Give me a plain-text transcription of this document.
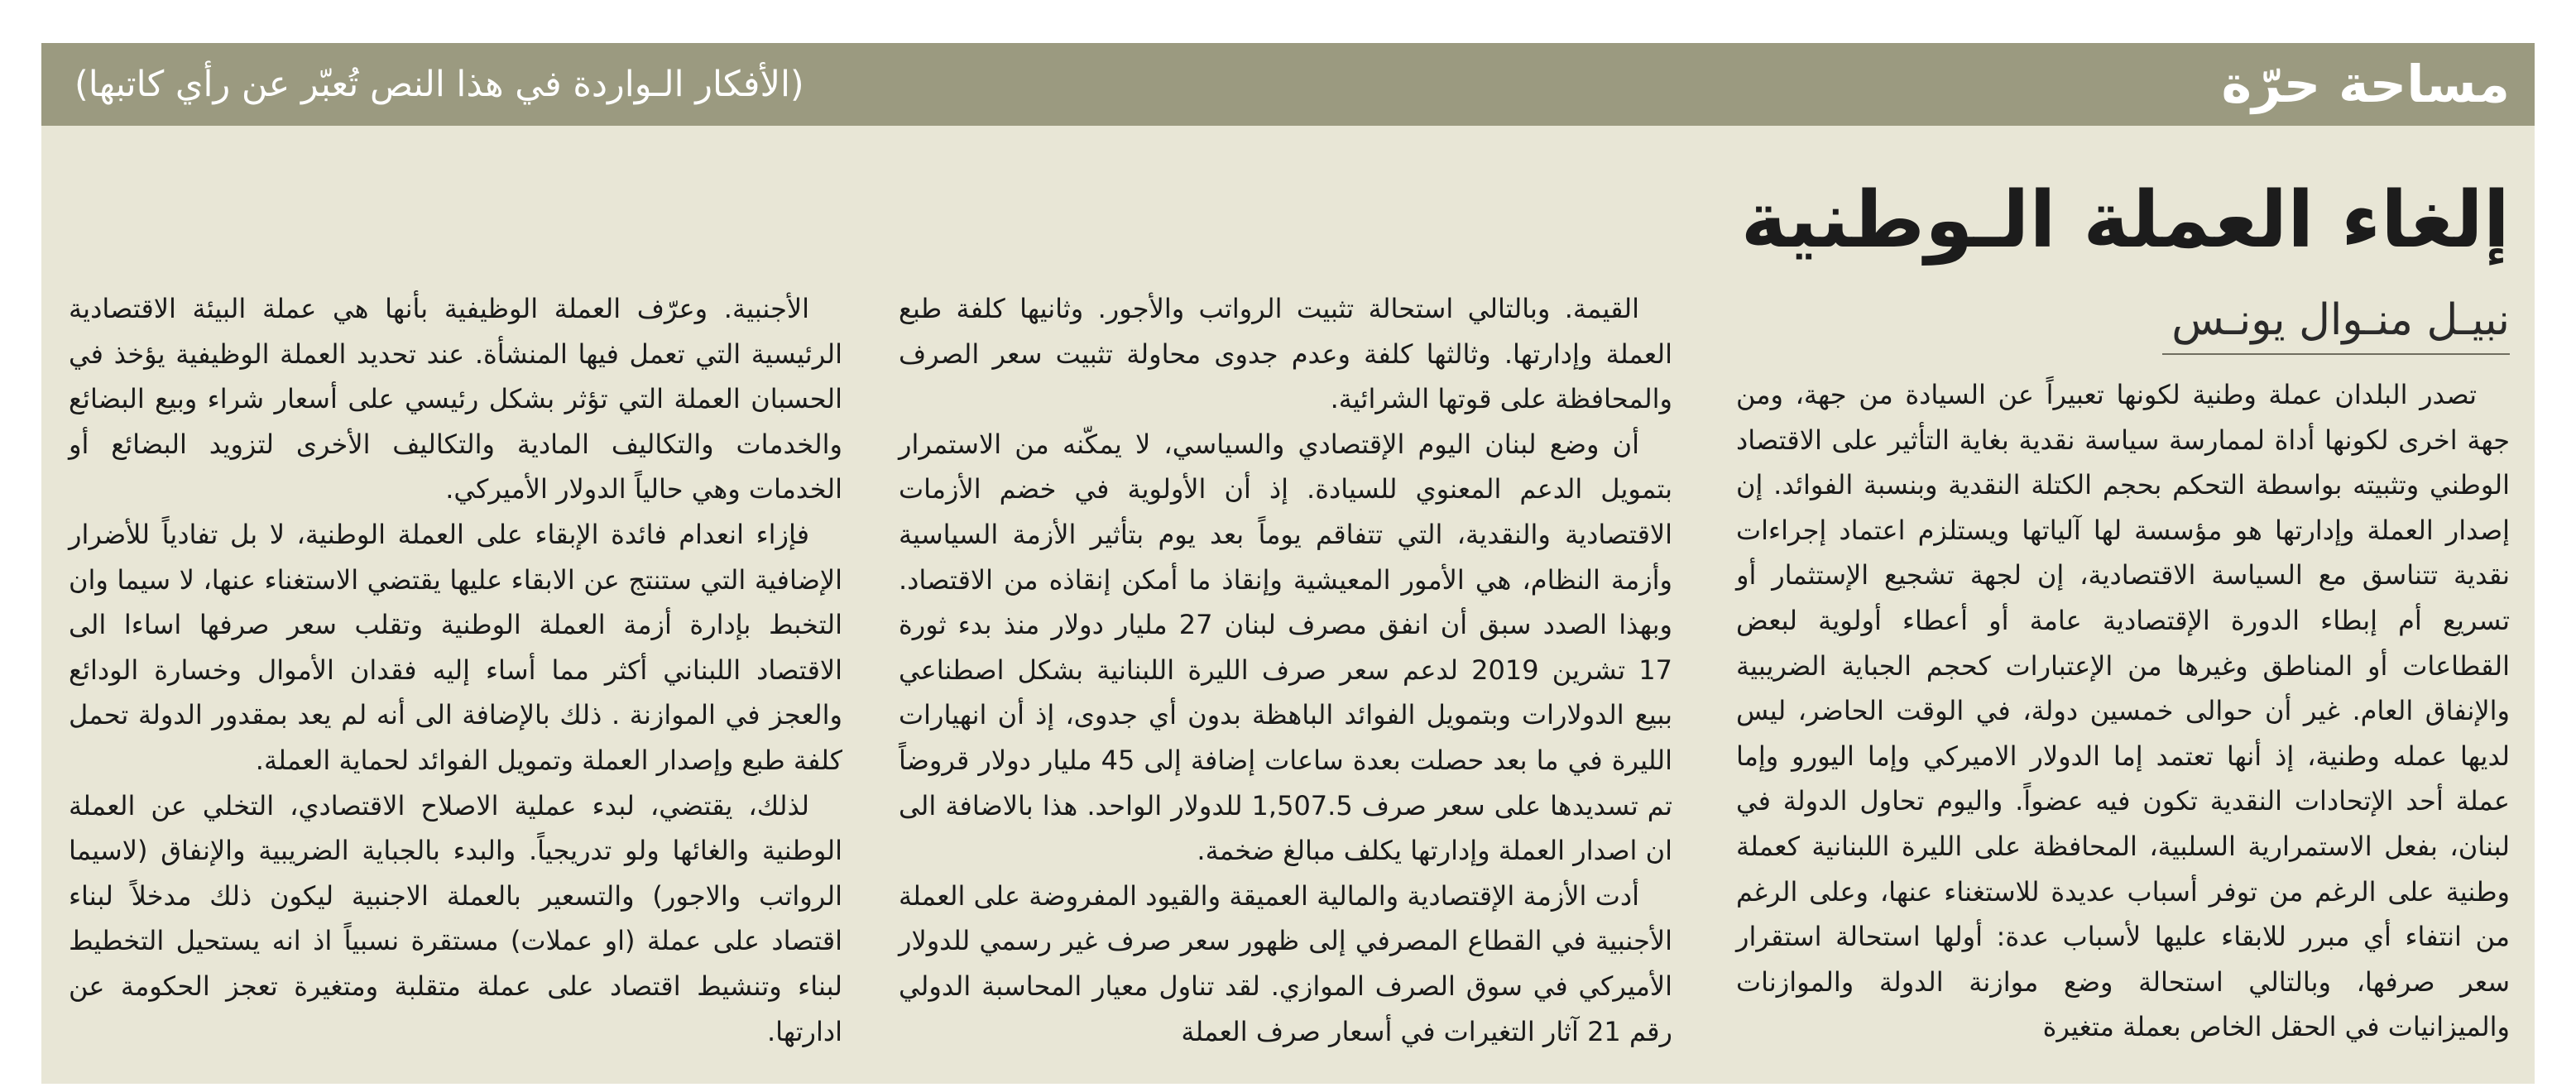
مساحة حرّة
(الأفكار الـواردة في هذا النص تُعبّر عن رأي كاتبها)
إلغاء العملة الـوطنية
نبيـل منـوال يونـس

تصدر البلدان عملة وطنية لكونها تعبيراً عن السيادة من جهة، ومن جهة اخرى لكونها أداة لممارسة سياسة نقدية بغاية التأثير على الاقتصاد الوطني وتثبيته بواسطة التحكم بحجم الكتلة النقدية وبنسبة الفوائد. إن إصدار العملة وإدارتها هو مؤسسة لها آلياتها ويستلزم اعتماد إجراءات نقدية تتناسق مع السياسة الاقتصادية، إن لجهة تشجيع الإستثمار أو تسريع أم إبطاء الدورة الإقتصادية عامة أو أعطاء أولوية لبعض القطاعات أو المناطق وغيرها من الإعتبارات كحجم الجباية الضريبية والإنفاق العام. غير أن حوالى خمسين دولة، في الوقت الحاضر، ليس لديها عمله وطنية، إذ أنها تعتمد إما الدولار الاميركي وإما اليورو وإما عملة أحد الإتحادات النقدية تكون فيه عضواً. واليوم تحاول الدولة في لبنان، بفعل الاستمرارية السلبية، المحافظة على الليرة اللبنانية كعملة وطنية على الرغم من توفر أسباب عديدة للاستغناء عنها، وعلى الرغم من انتفاء أي مبرر للابقاء عليها لأسباب عدة: أولها استحالة استقرار سعر صرفها، وبالتالي استحالة وضع موازنة الدولة والموازنات والميزانيات في الحقل الخاص بعملة متغيرة

القيمة. وبالتالي استحالة تثبيت الرواتب والأجور. وثانيها كلفة طبع العملة وإدارتها. وثالثها كلفة وعدم جدوى محاولة تثبيت سعر الصرف والمحافظة على قوتها الشرائية.

أن وضع لبنان اليوم الإقتصادي والسياسي، لا يمكّنه من الاستمرار بتمويل الدعم المعنوي للسيادة. إذ أن الأولوية في خضم الأزمات الاقتصادية والنقدية، التي تتفاقم يوماً بعد يوم بتأثير الأزمة السياسية وأزمة النظام، هي الأمور المعيشية وإنقاذ ما أمكن إنقاذه من الاقتصاد. وبهذا الصدد سبق أن انفق مصرف لبنان 27 مليار دولار منذ بدء ثورة 17 تشرين 2019 لدعم سعر صرف الليرة اللبنانية بشكل اصطناعي ببيع الدولارات وبتمويل الفوائد الباهظة بدون أي جدوى، إذ أن انهيارات الليرة في ما بعد حصلت بعدة ساعات إضافة إلى 45 مليار دولار قروضاً تم تسديدها على سعر صرف 1,507.5 للدولار الواحد. هذا بالاضافة الى ان اصدار العملة وإدارتها يكلف مبالغ ضخمة.

أدت الأزمة الإقتصادية والمالية العميقة والقيود المفروضة على العملة الأجنبية في القطاع المصرفي إلى ظهور سعر صرف غير رسمي للدولار الأميركي في سوق الصرف الموازي. لقد تناول معيار المحاسبة الدولي رقم 21 آثار التغيرات في أسعار صرف العملة

الأجنبية. وعرّف العملة الوظيفية بأنها هي عملة البيئة الاقتصادية الرئيسية التي تعمل فيها المنشأة. عند تحديد العملة الوظيفية يؤخذ في الحسبان العملة التي تؤثر بشكل رئيسي على أسعار شراء وبيع البضائع والخدمات والتكاليف المادية والتكاليف الأخرى لتزويد البضائع أو الخدمات وهي حالياً الدولار الأميركي.

فإزاء انعدام فائدة الإبقاء على العملة الوطنية، لا بل تفادياً للأضرار الإضافية التي ستنتج عن الابقاء عليها يقتضي الاستغناء عنها، لا سيما وان التخبط بإدارة أزمة العملة الوطنية وتقلب سعر صرفها اساءا الى الاقتصاد اللبناني أكثر مما أساء إليه فقدان الأموال وخسارة الودائع والعجز في الموازنة . ذلك بالإضافة الى أنه لم يعد بمقدور الدولة تحمل كلفة طبع وإصدار العملة وتمويل الفوائد لحماية العملة.

لذلك، يقتضي، لبدء عملية الاصلاح الاقتصادي، التخلي عن العملة الوطنية والغائها ولو تدريجياً. والبدء بالجباية الضريبية والإنفاق (لاسيما الرواتب والاجور) والتسعير بالعملة الاجنبية ليكون ذلك مدخلاً لبناء اقتصاد على عملة (او عملات) مستقرة نسبياً اذ انه يستحيل التخطيط لبناء وتنشيط اقتصاد على عملة متقلبة ومتغيرة تعجز الحكومة عن ادارتها.
